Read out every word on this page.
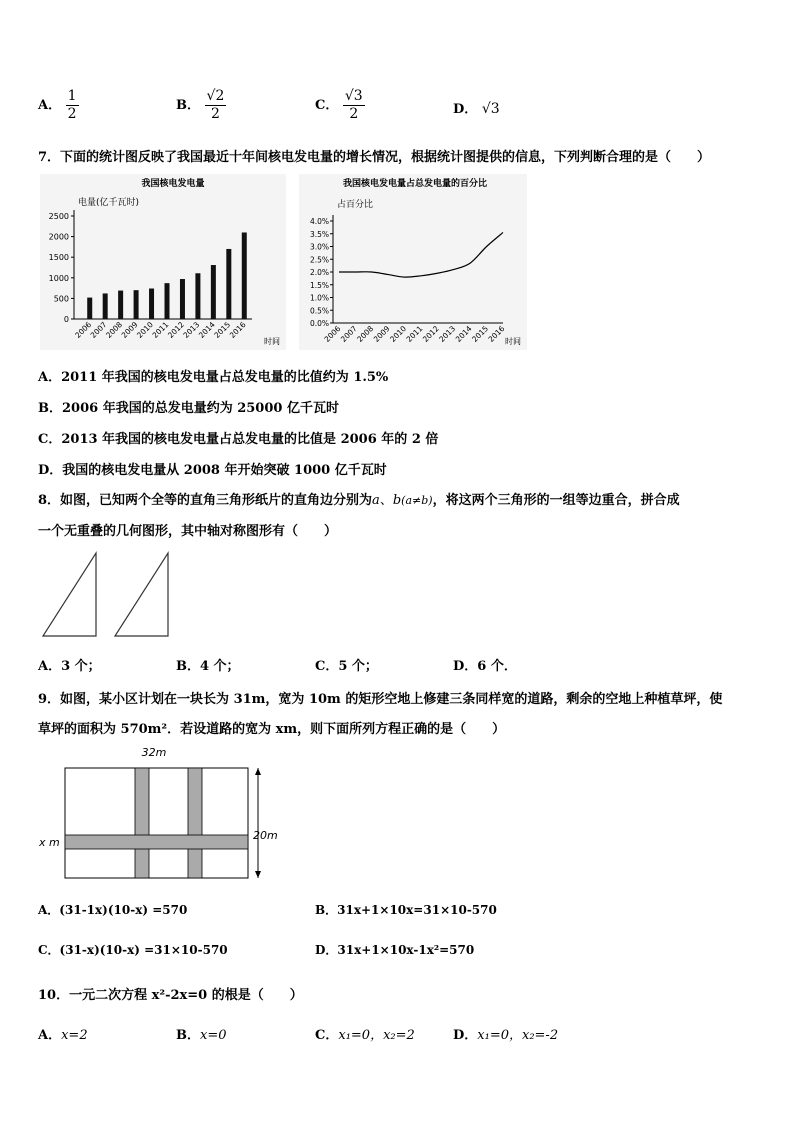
A． $\frac{1}{2}$	B． $\frac{√2}{2}$	C． $\frac{√3}{2}$	D． √3
7．下面的统计图反映了我国最近十年间核电发电量的增长情况，根据统计图提供的信息，下列判断合理的是（　　）
我国核电发电量
电量(亿千瓦时)
0
500
1000
1500
2000
2500
2006
2007
2008
2009
2010
2011
2012
2013
2014
2015
2016
时间
我国核电发电量占总发电量的百分比
占百分比
0.0%
0.5%
1.0%
1.5%
2.0%
2.5%
3.0%
3.5%
4.0%
2006
2007
2008
2009
2010
2011
2012
2013
2014
2015
2016
时间
A．2011 年我国的核电发电量占总发电量的比值约为 1.5%
B．2006 年我国的总发电量约为 25000 亿千瓦时
C．2013 年我国的核电发电量占总发电量的比值是 2006 年的 2 倍
D．我国的核电发电量从 2008 年开始突破 1000 亿千瓦时
8．如图，已知两个全等的直角三角形纸片的直角边分别为a、b(a≠b)，将这两个三角形的一组等边重合，拼合成
一个无重叠的几何图形，其中轴对称图形有（　　）
A．3 个；	B．4 个；	C．5 个；	D．6 个．
9．如图，某小区计划在一块长为 31m，宽为 10m 的矩形空地上修建三条同样宽的道路，剩余的空地上种植草坪，使
草坪的面积为 570m²．若设道路的宽为 xm，则下面所列方程正确的是（　　）
32m
20m
x m
A．(31-1x)(10-x) =570	B．31x+1×10x=31×10-570
C．(31-x)(10-x) =31×10-570	D．31x+1×10x-1x²=570
10．一元二次方程 x²-2x=0 的根是（　　）
A．x=2	B．x=0	C．x₁=0，x₂=2	D．x₁=0，x₂=-2
